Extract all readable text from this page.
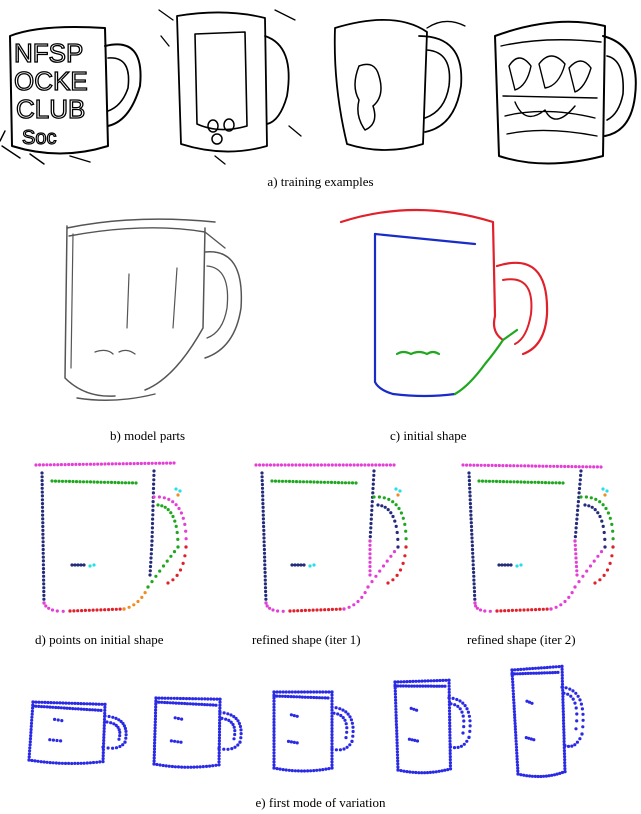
NFSP
OCKE
CLUB
Soc
a) training examples
b) model parts	c) initial shape
d) points on initial shape	refined shape (iter 1)	refined shape (iter 2)
e) first mode of variation
